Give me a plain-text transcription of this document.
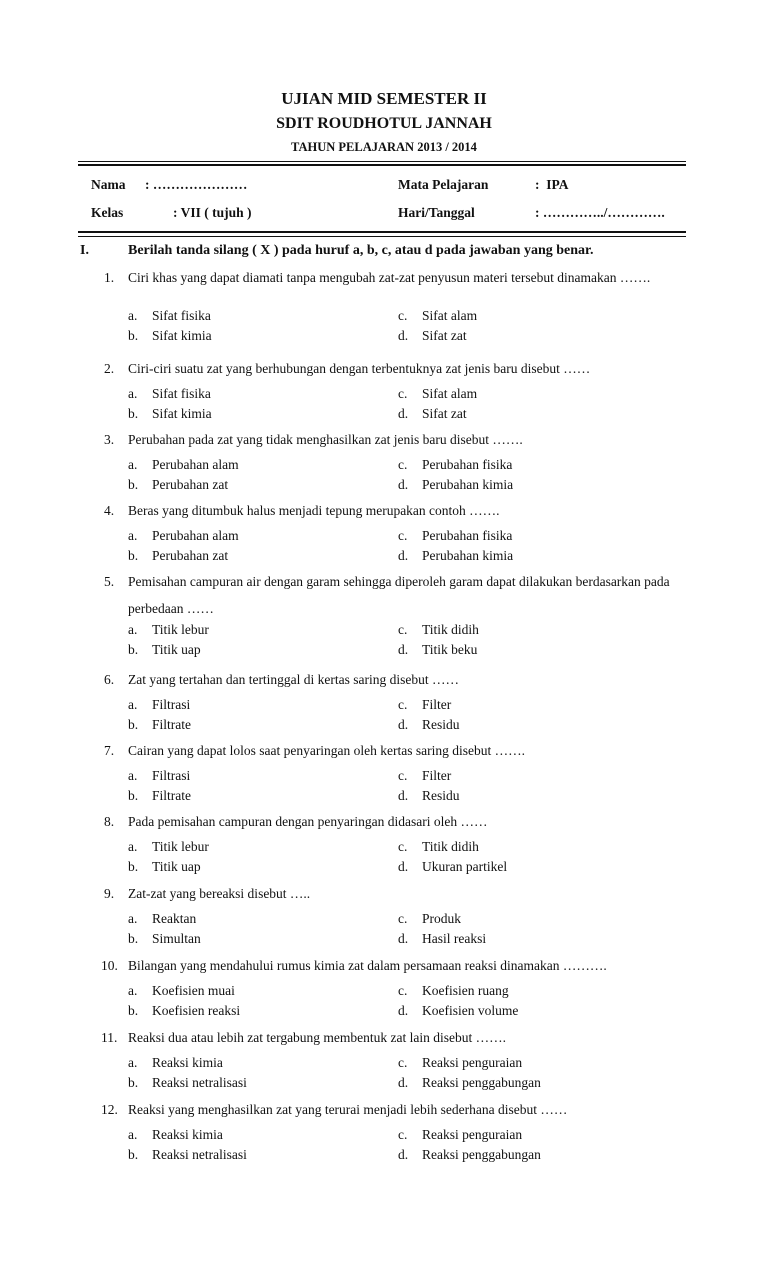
UJIAN MID SEMESTER II
SDIT ROUDHOTUL JANNAH
TAHUN PELAJARAN 2013 / 2014
Nama : …………………	Mata Pelajaran	:  IPA
Kelas	: VII ( tujuh )	Hari/Tanggal	: …………../………….
I.	Berilah tanda silang ( X ) pada huruf a, b, c, atau d pada jawaban yang benar.
1. Ciri khas yang dapat diamati tanpa mengubah zat-zat penyusun materi tersebut dinamakan …….
a. Sifat fisika
b. Sifat kimia
c. Sifat alam
d. Sifat zat
2. Ciri-ciri suatu zat yang berhubungan dengan terbentuknya zat jenis baru disebut ……
a. Sifat fisika
b. Sifat kimia
c. Sifat alam
d. Sifat zat
3. Perubahan pada zat yang tidak menghasilkan zat jenis baru disebut …….
a. Perubahan alam
b. Perubahan zat
c. Perubahan fisika
d. Perubahan kimia
4. Beras yang ditumbuk halus menjadi tepung merupakan contoh …….
a. Perubahan alam
b. Perubahan zat
c. Perubahan fisika
d. Perubahan kimia
5. Pemisahan campuran air dengan garam sehingga diperoleh garam dapat dilakukan berdasarkan pada perbedaan ……
a. Titik lebur
b. Titik uap
c. Titik didih
d. Titik beku
6. Zat yang tertahan dan tertinggal di kertas saring disebut ……
a. Filtrasi
b. Filtrate
c. Filter
d. Residu
7. Cairan yang dapat lolos saat penyaringan oleh kertas saring disebut …….
a. Filtrasi
b. Filtrate
c. Filter
d. Residu
8. Pada pemisahan campuran dengan penyaringan didasari oleh ……
a. Titik lebur
b. Titik uap
c. Titik didih
d. Ukuran partikel
9. Zat-zat yang bereaksi disebut …..
a. Reaktan
b. Simultan
c. Produk
d. Hasil reaksi
10. Bilangan yang mendahului rumus kimia zat dalam persamaan reaksi dinamakan ……….
a. Koefisien muai
b. Koefisien reaksi
c. Koefisien ruang
d. Koefisien volume
11. Reaksi dua atau lebih zat tergabung membentuk zat lain disebut …….
a. Reaksi kimia
b. Reaksi netralisasi
c. Reaksi penguraian
d. Reaksi penggabungan
12. Reaksi yang menghasilkan zat yang terurai menjadi lebih sederhana disebut ……
a. Reaksi kimia
b. Reaksi netralisasi
c. Reaksi penguraian
d. Reaksi penggabungan
